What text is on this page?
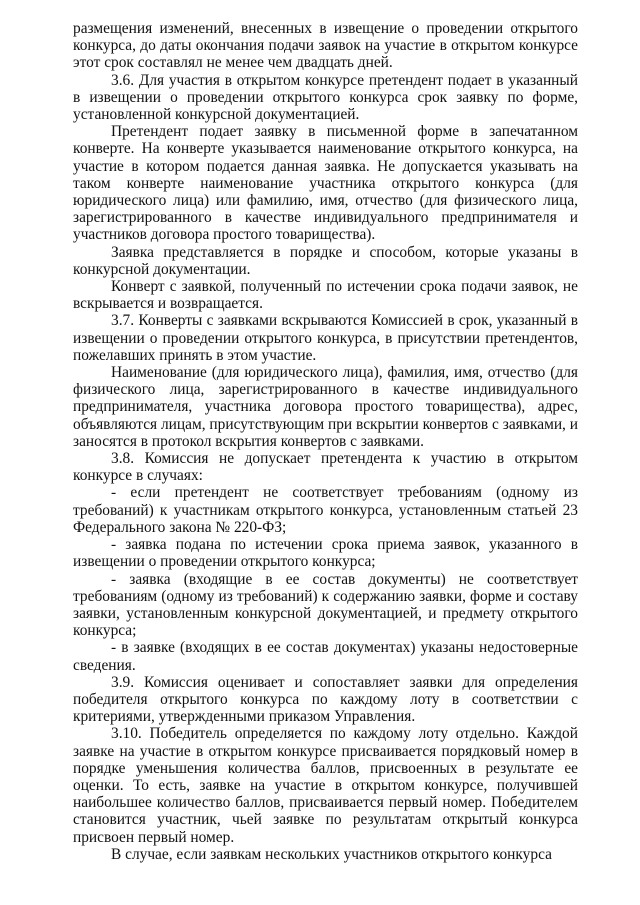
размещения изменений, внесенных в извещение о проведении открытого конкурса, до даты окончания подачи заявок на участие в открытом конкурсе этот срок составлял не менее чем двадцать дней.

3.6. Для участия в открытом конкурсе претендент подает в указанный в извещении о проведении открытого конкурса срок заявку по форме, установленной конкурсной документацией.

Претендент подает заявку в письменной форме в запечатанном конверте. На конверте указывается наименование открытого конкурса, на участие в котором подается данная заявка. Не допускается указывать на таком конверте наименование участника открытого конкурса (для юридического лица) или фамилию, имя, отчество (для физического лица, зарегистрированного в качестве индивидуального предпринимателя и участников договора простого товарищества).

Заявка представляется в порядке и способом, которые указаны в конкурсной документации.

Конверт с заявкой, полученный по истечении срока подачи заявок, не вскрывается и возвращается.

3.7. Конверты с заявками вскрываются Комиссией в срок, указанный в извещении о проведении открытого конкурса, в присутствии претендентов, пожелавших принять в этом участие.

Наименование (для юридического лица), фамилия, имя, отчество (для физического лица, зарегистрированного в качестве индивидуального предпринимателя, участника договора простого товарищества), адрес, объявляются лицам, присутствующим при вскрытии конвертов с заявками, и заносятся в протокол вскрытия конвертов с заявками.

3.8. Комиссия не допускает претендента к участию в открытом конкурсе в случаях:

- если претендент не соответствует требованиям (одному из требований) к участникам открытого конкурса, установленным статьей 23 Федерального закона № 220-ФЗ;

- заявка подана по истечении срока приема заявок, указанного в извещении о проведении открытого конкурса;

- заявка (входящие в ее состав документы) не соответствует требованиям (одному из требований) к содержанию заявки, форме и составу заявки, установленным конкурсной документацией, и предмету открытого конкурса;

- в заявке (входящих в ее состав документах) указаны недостоверные сведения.

3.9. Комиссия оценивает и сопоставляет заявки для определения победителя открытого конкурса по каждому лоту в соответствии с критериями, утвержденными приказом Управления.

3.10. Победитель определяется по каждому лоту отдельно. Каждой заявке на участие в открытом конкурсе присваивается порядковый номер в порядке уменьшения количества баллов, присвоенных в результате ее оценки. То есть, заявке на участие в открытом конкурсе, получившей наибольшее количество баллов, присваивается первый номер. Победителем становится участник, чьей заявке по результатам открытый конкурса присвоен первый номер.

В случае, если заявкам нескольких участников открытого конкурса
